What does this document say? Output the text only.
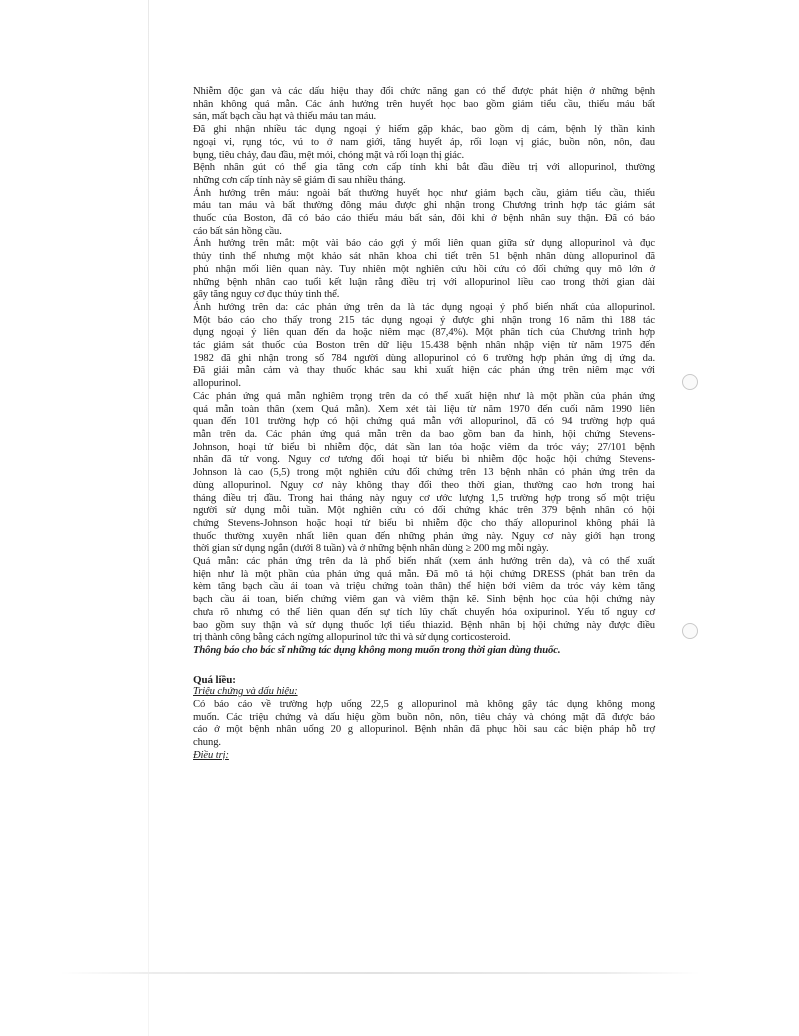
Nhiễm độc gan và các dấu hiệu thay đổi chức năng gan có thể được phát hiện ở những bệnh
nhân không quá mẫn. Các ảnh hưởng trên huyết học bao gồm giảm tiểu cầu, thiếu máu bất
sản, mất bạch cầu hạt và thiếu máu tan máu.

Đã ghi nhận nhiều tác dụng ngoại ý hiếm gặp khác, bao gồm dị cảm, bệnh lý thần kinh
ngoại vi, rụng tóc, vú to ở nam giới, tăng huyết áp, rối loạn vị giác, buồn nôn, nôn, đau
bụng, tiêu chảy, đau đầu, mệt mỏi, chóng mặt và rối loạn thị giác.

Bệnh nhân gút có thể gia tăng cơn cấp tính khi bắt đầu điều trị với allopurinol, thường
những cơn cấp tính này sẽ giảm đi sau nhiều tháng.

Ảnh hưởng trên máu: ngoài bất thường huyết học như giảm bạch cầu, giảm tiểu cầu, thiếu
máu tan máu và bất thường đông máu được ghi nhận trong Chương trình hợp tác giám sát
thuốc của Boston, đã có báo cáo thiếu máu bất sản, đôi khi ở bệnh nhân suy thận. Đã có báo
cáo bất sản hồng cầu.

Ảnh hưởng trên mắt: một vài báo cáo gợi ý mối liên quan giữa sử dụng allopurinol và đục
thủy tinh thể nhưng một khảo sát nhãn khoa chi tiết trên 51 bệnh nhân dùng allopurinol đã
phủ nhận mối liên quan này. Tuy nhiên một nghiên cứu hồi cứu có đối chứng quy mô lớn ở
những bệnh nhân cao tuổi kết luận rằng điều trị với allopurinol liều cao trong thời gian dài
gây tăng nguy cơ đục thủy tinh thể.

Ảnh hưởng trên da: các phản ứng trên da là tác dụng ngoại ý phổ biến nhất của allopurinol.
Một báo cáo cho thấy trong 215 tác dụng ngoại ý được ghi nhận trong 16 năm thì 188 tác
dụng ngoại ý liên quan đến da hoặc niêm mạc (87,4%). Một phân tích của Chương trình hợp
tác giám sát thuốc của Boston trên dữ liệu 15.438 bệnh nhân nhập viện từ năm 1975 đến
1982 đã ghi nhận trong số 784 người dùng allopurinol có 6 trường hợp phản ứng dị ứng da.
Đã giải mẫn cảm và thay thuốc khác sau khi xuất hiện các phản ứng trên niêm mạc với
allopurinol.

Các phản ứng quá mẫn nghiêm trọng trên da có thể xuất hiện như là một phần của phản ứng
quá mẫn toàn thân (xem Quá mẫn). Xem xét tài liệu từ năm 1970 đến cuối năm 1990 liên
quan đến 101 trường hợp có hội chứng quá mẫn với allopurinol, đã có 94 trường hợp quá
mẫn trên da. Các phản ứng quá mẫn trên da bao gồm ban đa hình, hội chứng Stevens-
Johnson, hoại tử biểu bì nhiễm độc, dát sần lan tỏa hoặc viêm da tróc vảy; 27/101 bệnh
nhân đã tử vong. Nguy cơ tương đối hoại tử biểu bì nhiễm độc hoặc hội chứng Stevens-
Johnson là cao (5,5) trong một nghiên cứu đối chứng trên 13 bệnh nhân có phản ứng trên da
dùng allopurinol. Nguy cơ này không thay đổi theo thời gian, thường cao hơn trong hai
tháng điều trị đầu. Trong hai tháng này nguy cơ ước lượng 1,5 trường hợp trong số một triệu
người sử dụng mỗi tuần. Một nghiên cứu có đối chứng khác trên 379 bệnh nhân có hội
chứng Stevens-Johnson hoặc hoại tử biểu bì nhiễm độc cho thấy allopurinol không phải là
thuốc thường xuyên nhất liên quan đến những phản ứng này. Nguy cơ này giới hạn trong
thời gian sử dụng ngắn (dưới 8 tuần) và ở những bệnh nhân dùng ≥ 200 mg mỗi ngày.

Quá mẫn: các phản ứng trên da là phổ biến nhất (xem ảnh hưởng trên da), và có thể xuất
hiện như là một phần của phản ứng quá mẫn. Đã mô tả hội chứng DRESS (phát ban trên da
kèm tăng bạch cầu ái toan và triệu chứng toàn thân) thể hiện bởi viêm da tróc vảy kèm tăng
bạch cầu ái toan, biến chứng viêm gan và viêm thận kẽ. Sinh bệnh học của hội chứng này
chưa rõ nhưng có thể liên quan đến sự tích lũy chất chuyển hóa oxipurinol. Yếu tố nguy cơ
bao gồm suy thận và sử dụng thuốc lợi tiểu thiazid. Bệnh nhân bị hội chứng này được điều
trị thành công bằng cách ngừng allopurinol tức thì và sử dụng corticosteroid.

Thông báo cho bác sĩ những tác dụng không mong muốn trong thời gian dùng thuốc.

Quá liều:
Triệu chứng và dấu hiệu:

Có báo cáo về trường hợp uống 22,5 g allopurinol mà không gây tác dụng không mong
muốn. Các triệu chứng và dấu hiệu gồm buồn nôn, nôn, tiêu chảy và chóng mặt đã được báo
cáo ở một bệnh nhân uống 20 g allopurinol. Bệnh nhân đã phục hồi sau các biện pháp hỗ trợ
chung.

Điều trị:
